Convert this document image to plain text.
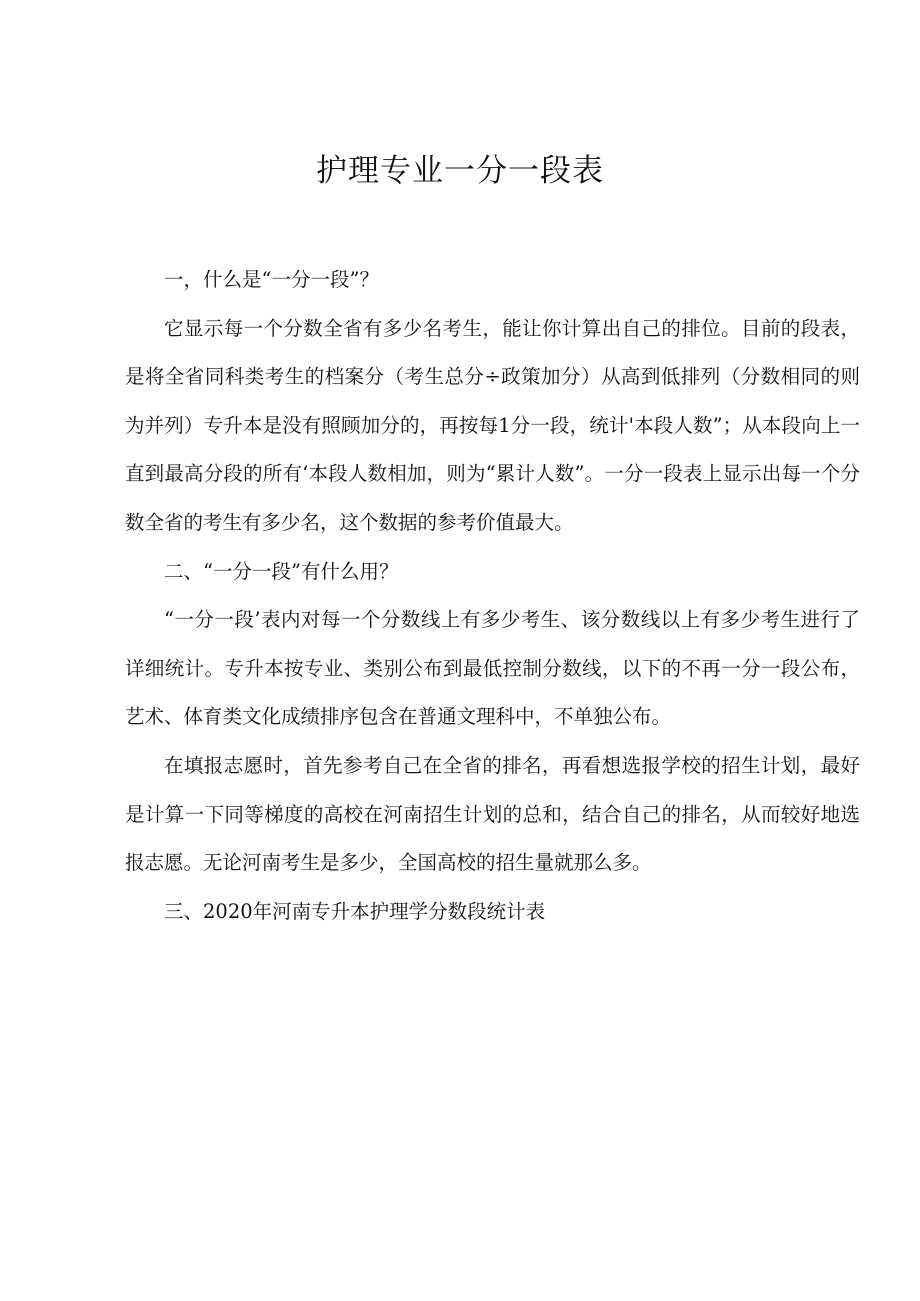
护理专业一分一段表

一，什么是“一分一段”？

它显示每一个分数全省有多少名考生，能让你计算出自己的排位。目前的段表，是将全省同科类考生的档案分（考生总分÷政策加分）从高到低排列（分数相同的则为并列）专升本是没有照顾加分的，再按每1分一段，统计'本段人数”；从本段向上一直到最高分段的所有‘本段人数相加，则为“累计人数”。一分一段表上显示出每一个分数全省的考生有多少名，这个数据的参考价值最大。

二、“一分一段”有什么用？

“一分一段’表内对每一个分数线上有多少考生、该分数线以上有多少考生进行了详细统计。专升本按专业、类别公布到最低控制分数线，以下的不再一分一段公布，艺术、体育类文化成绩排序包含在普通文理科中，不单独公布。

在填报志愿时，首先参考自己在全省的排名，再看想选报学校的招生计划，最好是计算一下同等梯度的高校在河南招生计划的总和，结合自己的排名，从而较好地选报志愿。无论河南考生是多少，全国高校的招生量就那么多。

三、2020年河南专升本护理学分数段统计表
